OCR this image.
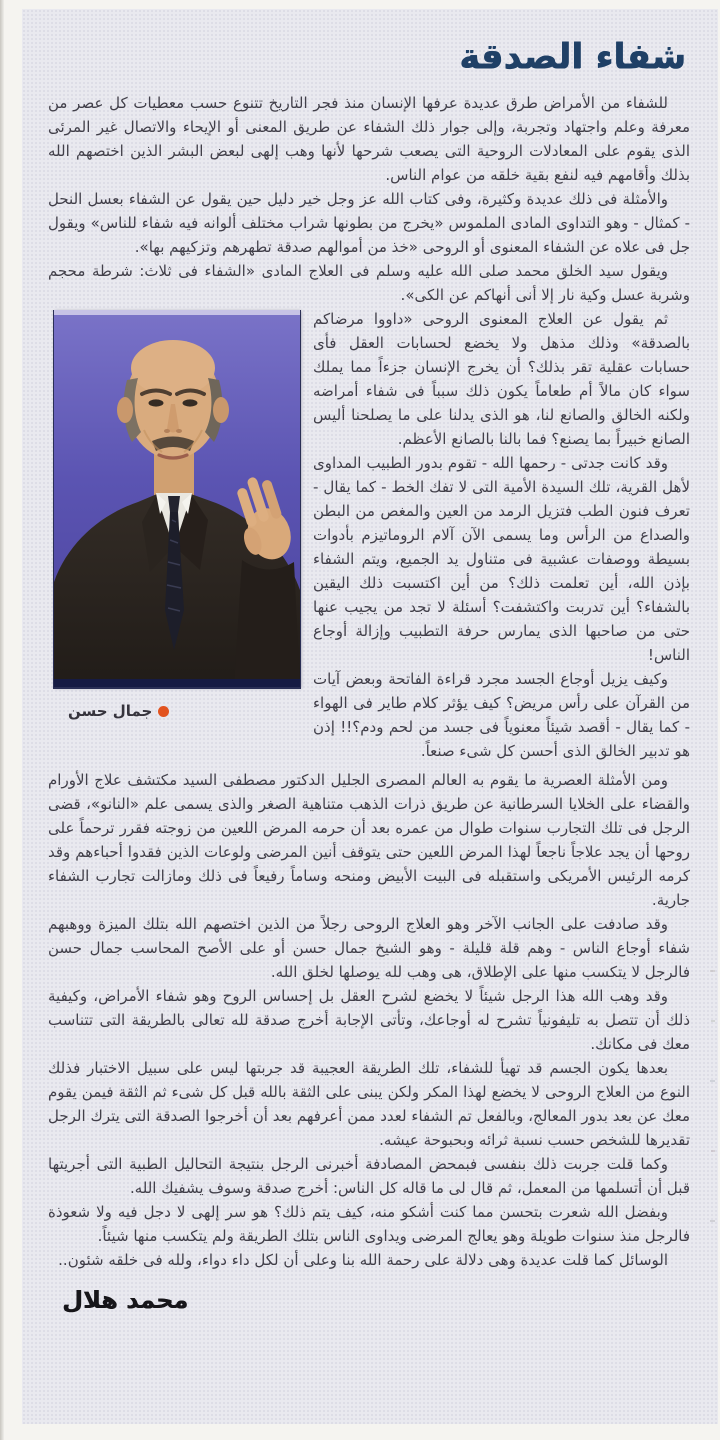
شفاء الصدقة

للشفاء من الأمراض طرق عديدة عرفها الإنسان منذ فجر التاريخ تتنوع حسب معطيات كل عصر من معرفة وعلم واجتهاد وتجربة، وإلى جوار ذلك الشفاء عن طريق المعنى أو الإيحاء والاتصال غير المرئى الذى يقوم على المعادلات الروحية التى يصعب شرحها لأنها وهب إلهى لبعض البشر الذين اختصهم الله بذلك وأقامهم فيه لنفع بقية خلقه من عوام الناس.

والأمثلة فى ذلك عديدة وكثيرة، وفى كتاب الله عز وجل خير دليل حين يقول عن الشفاء بعسل النحل - كمثال - وهو التداوى المادى الملموس «يخرج من بطونها شراب مختلف ألوانه فيه شفاء للناس» ويقول جل فى علاه عن الشفاء المعنوى أو الروحى «خذ من أموالهم صدقة تطهرهم وتزكيهم بها».

ويقول سيد الخلق محمد صلى الله عليه وسلم فى العلاج المادى «الشفاء فى ثلاث: شرطة محجم وشربة عسل وكية نار إلا أنى أنهاكم عن الكى».

جمال حسن

ثم يقول عن العلاج المعنوى الروحى «داووا مرضاكم بالصدقة» وذلك مذهل ولا يخضع لحسابات العقل فأى حسابات عقلية تقر بذلك؟ أن يخرج الإنسان جزءاً مما يملك سواء كان مالاً أم طعاماً يكون ذلك سبباً فى شفاء أمراضه ولكنه الخالق والصانع لنا، هو الذى يدلنا على ما يصلحنا أليس الصانع خبيراً بما يصنع؟ فما بالنا بالصانع الأعظم.

وقد كانت جدتى - رحمها الله - تقوم بدور الطبيب المداوى لأهل القرية، تلك السيدة الأمية التى لا تفك الخط - كما يقال - تعرف فنون الطب فتزيل الرمد من العين والمغص من البطن والصداع من الرأس وما يسمى الآن آلام الروماتيزم بأدوات بسيطة ووصفات عشبية فى متناول يد الجميع، ويتم الشفاء بإذن الله، أين تعلمت ذلك؟ من أين اكتسبت ذلك اليقين بالشفاء؟ أين تدربت واكتشفت؟ أسئلة لا تجد من يجيب عنها حتى من صاحبها الذى يمارس حرفة التطبيب وإزالة أوجاع الناس!

وكيف يزيل أوجاع الجسد مجرد قراءة الفاتحة وبعض آيات من القرآن على رأس مريض؟ كيف يؤثر كلام طاير فى الهواء - كما يقال - أقصد شيئاً معنوياً فى جسد من لحم ودم؟!! إذن هو تدبير الخالق الذى أحسن كل شىء صنعاً.

ومن الأمثلة العصرية ما يقوم به العالم المصرى الجليل الدكتور مصطفى السيد مكتشف علاج الأورام والقضاء على الخلايا السرطانية عن طريق ذرات الذهب متناهية الصغر والذى يسمى علم «النانو»، قضى الرجل فى تلك التجارب سنوات طوال من عمره بعد أن حرمه المرض اللعين من زوجته فقرر ترحماً على روحها أن يجد علاجاً ناجعاً لهذا المرض اللعين حتى يتوقف أنين المرضى ولوعات الذين فقدوا أحباءهم وقد كرمه الرئيس الأمريكى واستقبله فى البيت الأبيض ومنحه وساماً رفيعاً فى ذلك ومازالت تجارب الشفاء جارية.

وقد صادفت على الجانب الآخر وهو العلاج الروحى رجلاً من الذين اختصهم الله بتلك الميزة ووهبهم شفاء أوجاع الناس - وهم قلة قليلة - وهو الشيخ جمال حسن أو على الأصح المحاسب جمال حسن فالرجل لا يتكسب منها على الإطلاق، هى وهب لله يوصلها لخلق الله.

وقد وهب الله هذا الرجل شيئاً لا يخضع لشرح العقل بل إحساس الروح وهو شفاء الأمراض، وكيفية ذلك أن تتصل به تليفونياً تشرح له أوجاعك، وتأتى الإجابة أخرج صدقة لله تعالى بالطريقة التى تتناسب معك فى مكانك.

بعدها يكون الجسم قد تهيأ للشفاء، تلك الطريقة العجيبة قد جربتها ليس على سبيل الاختبار فذلك النوع من العلاج الروحى لا يخضع لهذا المكر ولكن يبنى على الثقة بالله قبل كل شىء ثم الثقة فيمن يقوم معك عن بعد بدور المعالج، وبالفعل تم الشفاء لعدد ممن أعرفهم بعد أن أخرجوا الصدقة التى يترك الرجل تقديرها للشخص حسب نسبة ثرائه وبحبوحة عيشه.

وكما قلت جربت ذلك بنفسى فبمحض المصادفة أخبرنى الرجل بنتيجة التحاليل الطبية التى أجريتها قبل أن أتسلمها من المعمل، ثم قال لى ما قاله كل الناس: أخرج صدقة وسوف يشفيك الله.

وبفضل الله شعرت بتحسن مما كنت أشكو منه، كيف يتم ذلك؟ هو سر إلهى لا دجل فيه ولا شعوذة فالرجل منذ سنوات طويلة وهو يعالج المرضى ويداوى الناس بتلك الطريقة ولم يتكسب منها شيئاً.

الوسائل كما قلت عديدة وهى دلالة على رحمة الله بنا وعلى أن لكل داء دواء، ولله فى خلقه شئون..

محمد هلال
